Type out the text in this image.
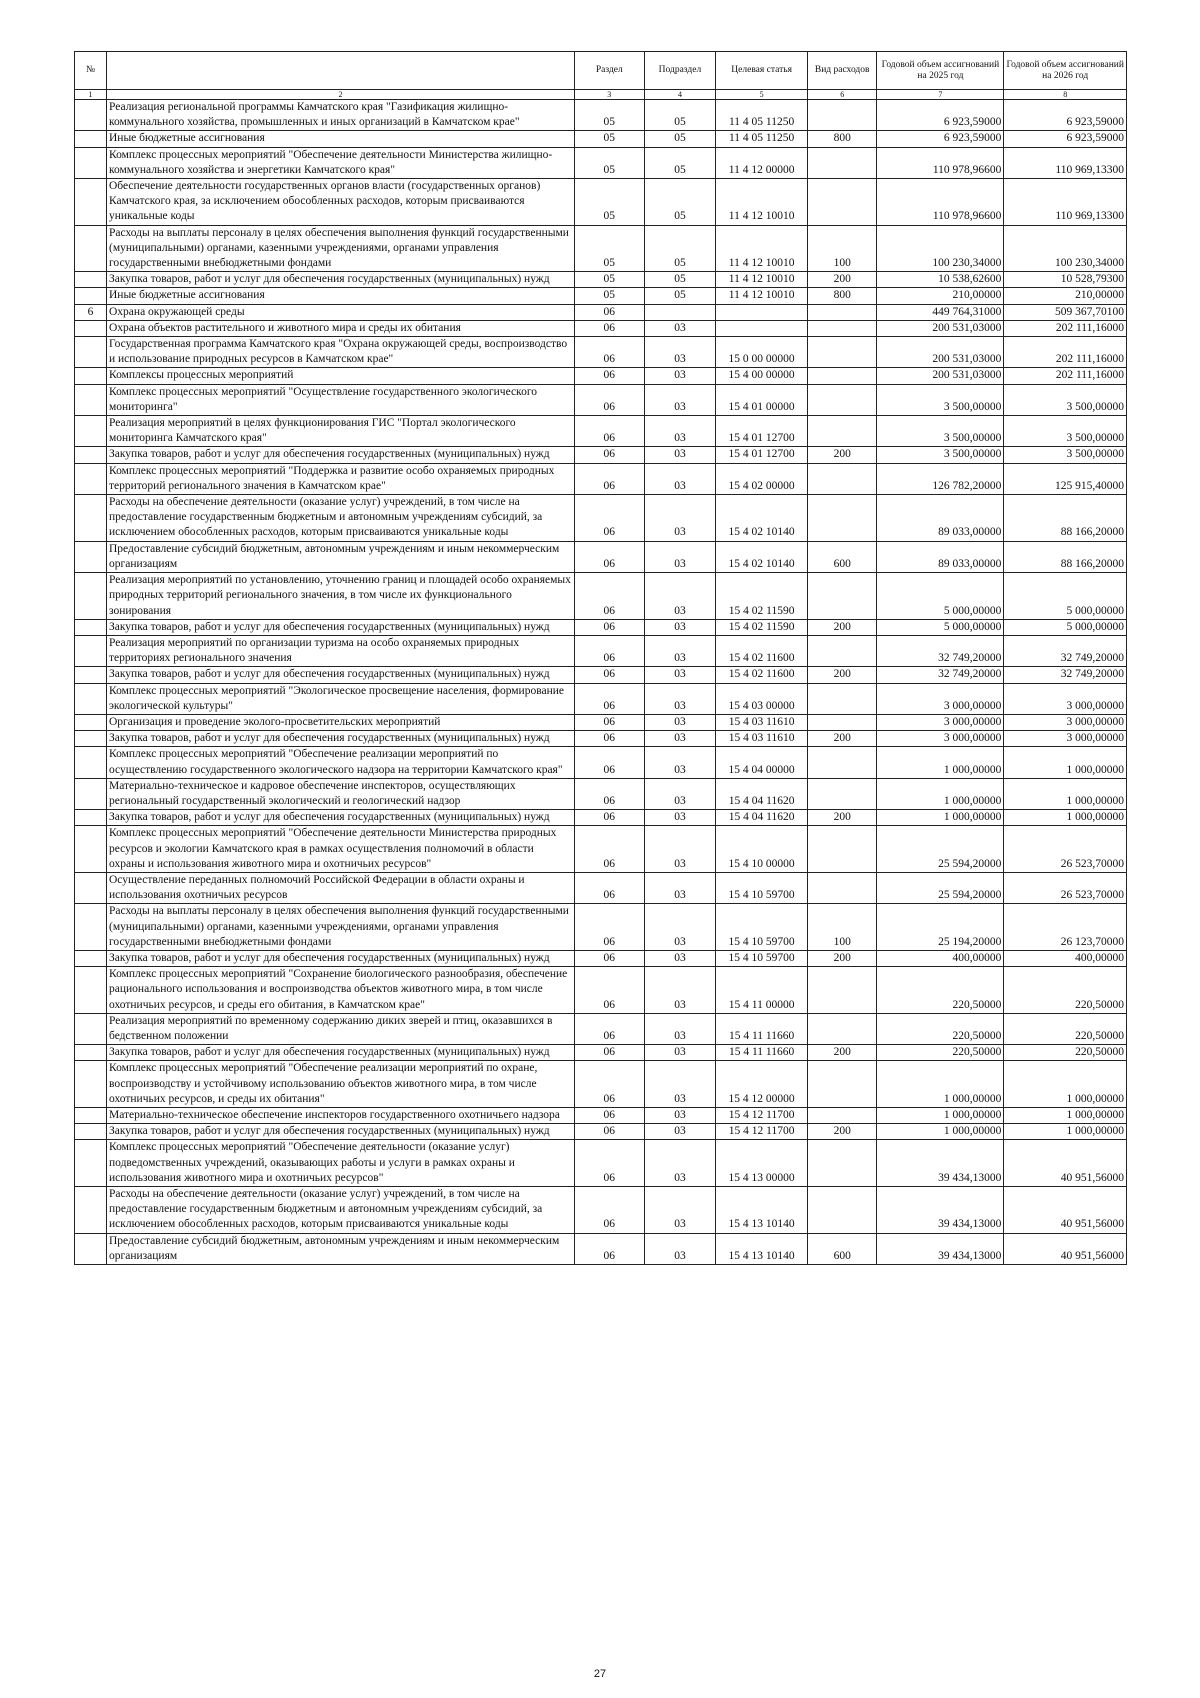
№		Раздел	Подраздел	Целевая статья	Вид расходов	Годовой объем ассигнований на 2025 год	Годовой объем ассигнований на 2026 год
1	2	3	4	5	6	7	8
	Реализация региональной программы Камчатского края "Газификация жилищно-коммунального хозяйства, промышленных и иных организаций в Камчатском крае"	05	05	11 4 05 11250		6 923,59000	6 923,59000
	Иные бюджетные ассигнования	05	05	11 4 05 11250	800	6 923,59000	6 923,59000
	Комплекс процессных мероприятий "Обеспечение деятельности Министерства жилищно-коммунального хозяйства и энергетики Камчатского края"	05	05	11 4 12 00000		110 978,96600	110 969,13300
	Обеспечение деятельности государственных органов власти (государственных органов) Камчатского края, за исключением обособленных расходов, которым присваиваются уникальные коды	05	05	11 4 12 10010		110 978,96600	110 969,13300
	Расходы на выплаты персоналу в целях обеспечения выполнения функций государственными (муниципальными) органами, казенными учреждениями, органами управления государственными внебюджетными фондами	05	05	11 4 12 10010	100	100 230,34000	100 230,34000
	Закупка товаров, работ и услуг для обеспечения государственных (муниципальных) нужд	05	05	11 4 12 10010	200	10 538,62600	10 528,79300
	Иные бюджетные ассигнования	05	05	11 4 12 10010	800	210,00000	210,00000
6	Охрана окружающей среды	06				449 764,31000	509 367,70100
	Охрана объектов растительного и животного мира и среды их обитания	06	03			200 531,03000	202 111,16000
	Государственная программа Камчатского края "Охрана окружающей среды, воспроизводство и использование природных ресурсов в Камчатском крае"	06	03	15 0 00 00000		200 531,03000	202 111,16000
	Комплексы процессных мероприятий	06	03	15 4 00 00000		200 531,03000	202 111,16000
	Комплекс процессных мероприятий "Осуществление государственного экологического мониторинга"	06	03	15 4 01 00000		3 500,00000	3 500,00000
	Реализация мероприятий в целях функционирования ГИС "Портал экологического мониторинга Камчатского края"	06	03	15 4 01 12700		3 500,00000	3 500,00000
	Закупка товаров, работ и услуг для обеспечения государственных (муниципальных) нужд	06	03	15 4 01 12700	200	3 500,00000	3 500,00000
	Комплекс процессных мероприятий "Поддержка и развитие особо охраняемых природных территорий регионального значения в Камчатском крае"	06	03	15 4 02 00000		126 782,20000	125 915,40000
	Расходы на обеспечение деятельности (оказание услуг) учреждений, в том числе на предоставление государственным бюджетным и автономным учреждениям субсидий, за исключением обособленных расходов, которым присваиваются уникальные коды	06	03	15 4 02 10140		89 033,00000	88 166,20000
	Предоставление субсидий бюджетным, автономным учреждениям и иным некоммерческим организациям	06	03	15 4 02 10140	600	89 033,00000	88 166,20000
	Реализация мероприятий по установлению, уточнению границ и площадей особо охраняемых природных территорий регионального значения, в том числе их функционального зонирования	06	03	15 4 02 11590		5 000,00000	5 000,00000
	Закупка товаров, работ и услуг для обеспечения государственных (муниципальных) нужд	06	03	15 4 02 11590	200	5 000,00000	5 000,00000
	Реализация мероприятий по организации туризма на особо охраняемых природных территориях регионального значения	06	03	15 4 02 11600		32 749,20000	32 749,20000
	Закупка товаров, работ и услуг для обеспечения государственных (муниципальных) нужд	06	03	15 4 02 11600	200	32 749,20000	32 749,20000
	Комплекс процессных мероприятий "Экологическое просвещение населения, формирование экологической культуры"	06	03	15 4 03 00000		3 000,00000	3 000,00000
	Организация и проведение эколого-просветительских мероприятий	06	03	15 4 03 11610		3 000,00000	3 000,00000
	Закупка товаров, работ и услуг для обеспечения государственных (муниципальных) нужд	06	03	15 4 03 11610	200	3 000,00000	3 000,00000
	Комплекс процессных мероприятий "Обеспечение реализации мероприятий по осуществлению государственного экологического надзора на территории Камчатского края"	06	03	15 4 04 00000		1 000,00000	1 000,00000
	Материально-техническое и кадровое обеспечение инспекторов, осуществляющих региональный государственный экологический и геологический надзор	06	03	15 4 04 11620		1 000,00000	1 000,00000
	Закупка товаров, работ и услуг для обеспечения государственных (муниципальных) нужд	06	03	15 4 04 11620	200	1 000,00000	1 000,00000
	Комплекс процессных мероприятий "Обеспечение деятельности Министерства природных ресурсов и экологии Камчатского края в рамках осуществления полномочий в области охраны и использования животного мира и охотничьих ресурсов"	06	03	15 4 10 00000		25 594,20000	26 523,70000
	Осуществление переданных полномочий Российской Федерации в области охраны и использования охотничьих ресурсов	06	03	15 4 10 59700		25 594,20000	26 523,70000
	Расходы на выплаты персоналу в целях обеспечения выполнения функций государственными (муниципальными) органами, казенными учреждениями, органами управления государственными внебюджетными фондами	06	03	15 4 10 59700	100	25 194,20000	26 123,70000
	Закупка товаров, работ и услуг для обеспечения государственных (муниципальных) нужд	06	03	15 4 10 59700	200	400,00000	400,00000
	Комплекс процессных мероприятий "Сохранение биологического разнообразия, обеспечение рационального использования и воспроизводства объектов животного мира, в том числе охотничьих ресурсов, и среды его обитания, в Камчатском крае"	06	03	15 4 11 00000		220,50000	220,50000
	Реализация мероприятий по временному содержанию диких зверей и птиц, оказавшихся в бедственном положении	06	03	15 4 11 11660		220,50000	220,50000
	Закупка товаров, работ и услуг для обеспечения государственных (муниципальных) нужд	06	03	15 4 11 11660	200	220,50000	220,50000
	Комплекс процессных мероприятий "Обеспечение реализации мероприятий по охране, воспроизводству и устойчивому использованию объектов животного мира, в том числе охотничьих ресурсов, и среды их обитания"	06	03	15 4 12 00000		1 000,00000	1 000,00000
	Материально-техническое обеспечение инспекторов государственного охотничьего надзора	06	03	15 4 12 11700		1 000,00000	1 000,00000
	Закупка товаров, работ и услуг для обеспечения государственных (муниципальных) нужд	06	03	15 4 12 11700	200	1 000,00000	1 000,00000
	Комплекс процессных мероприятий "Обеспечение деятельности (оказание услуг) подведомственных учреждений, оказывающих работы и услуги в рамках охраны и использования животного мира и охотничьих ресурсов"	06	03	15 4 13 00000		39 434,13000	40 951,56000
	Расходы на обеспечение деятельности (оказание услуг) учреждений, в том числе на предоставление государственным бюджетным и автономным учреждениям субсидий, за исключением обособленных расходов, которым присваиваются уникальные коды	06	03	15 4 13 10140		39 434,13000	40 951,56000
	Предоставление субсидий бюджетным, автономным учреждениям и иным некоммерческим организациям	06	03	15 4 13 10140	600	39 434,13000	40 951,56000
27
